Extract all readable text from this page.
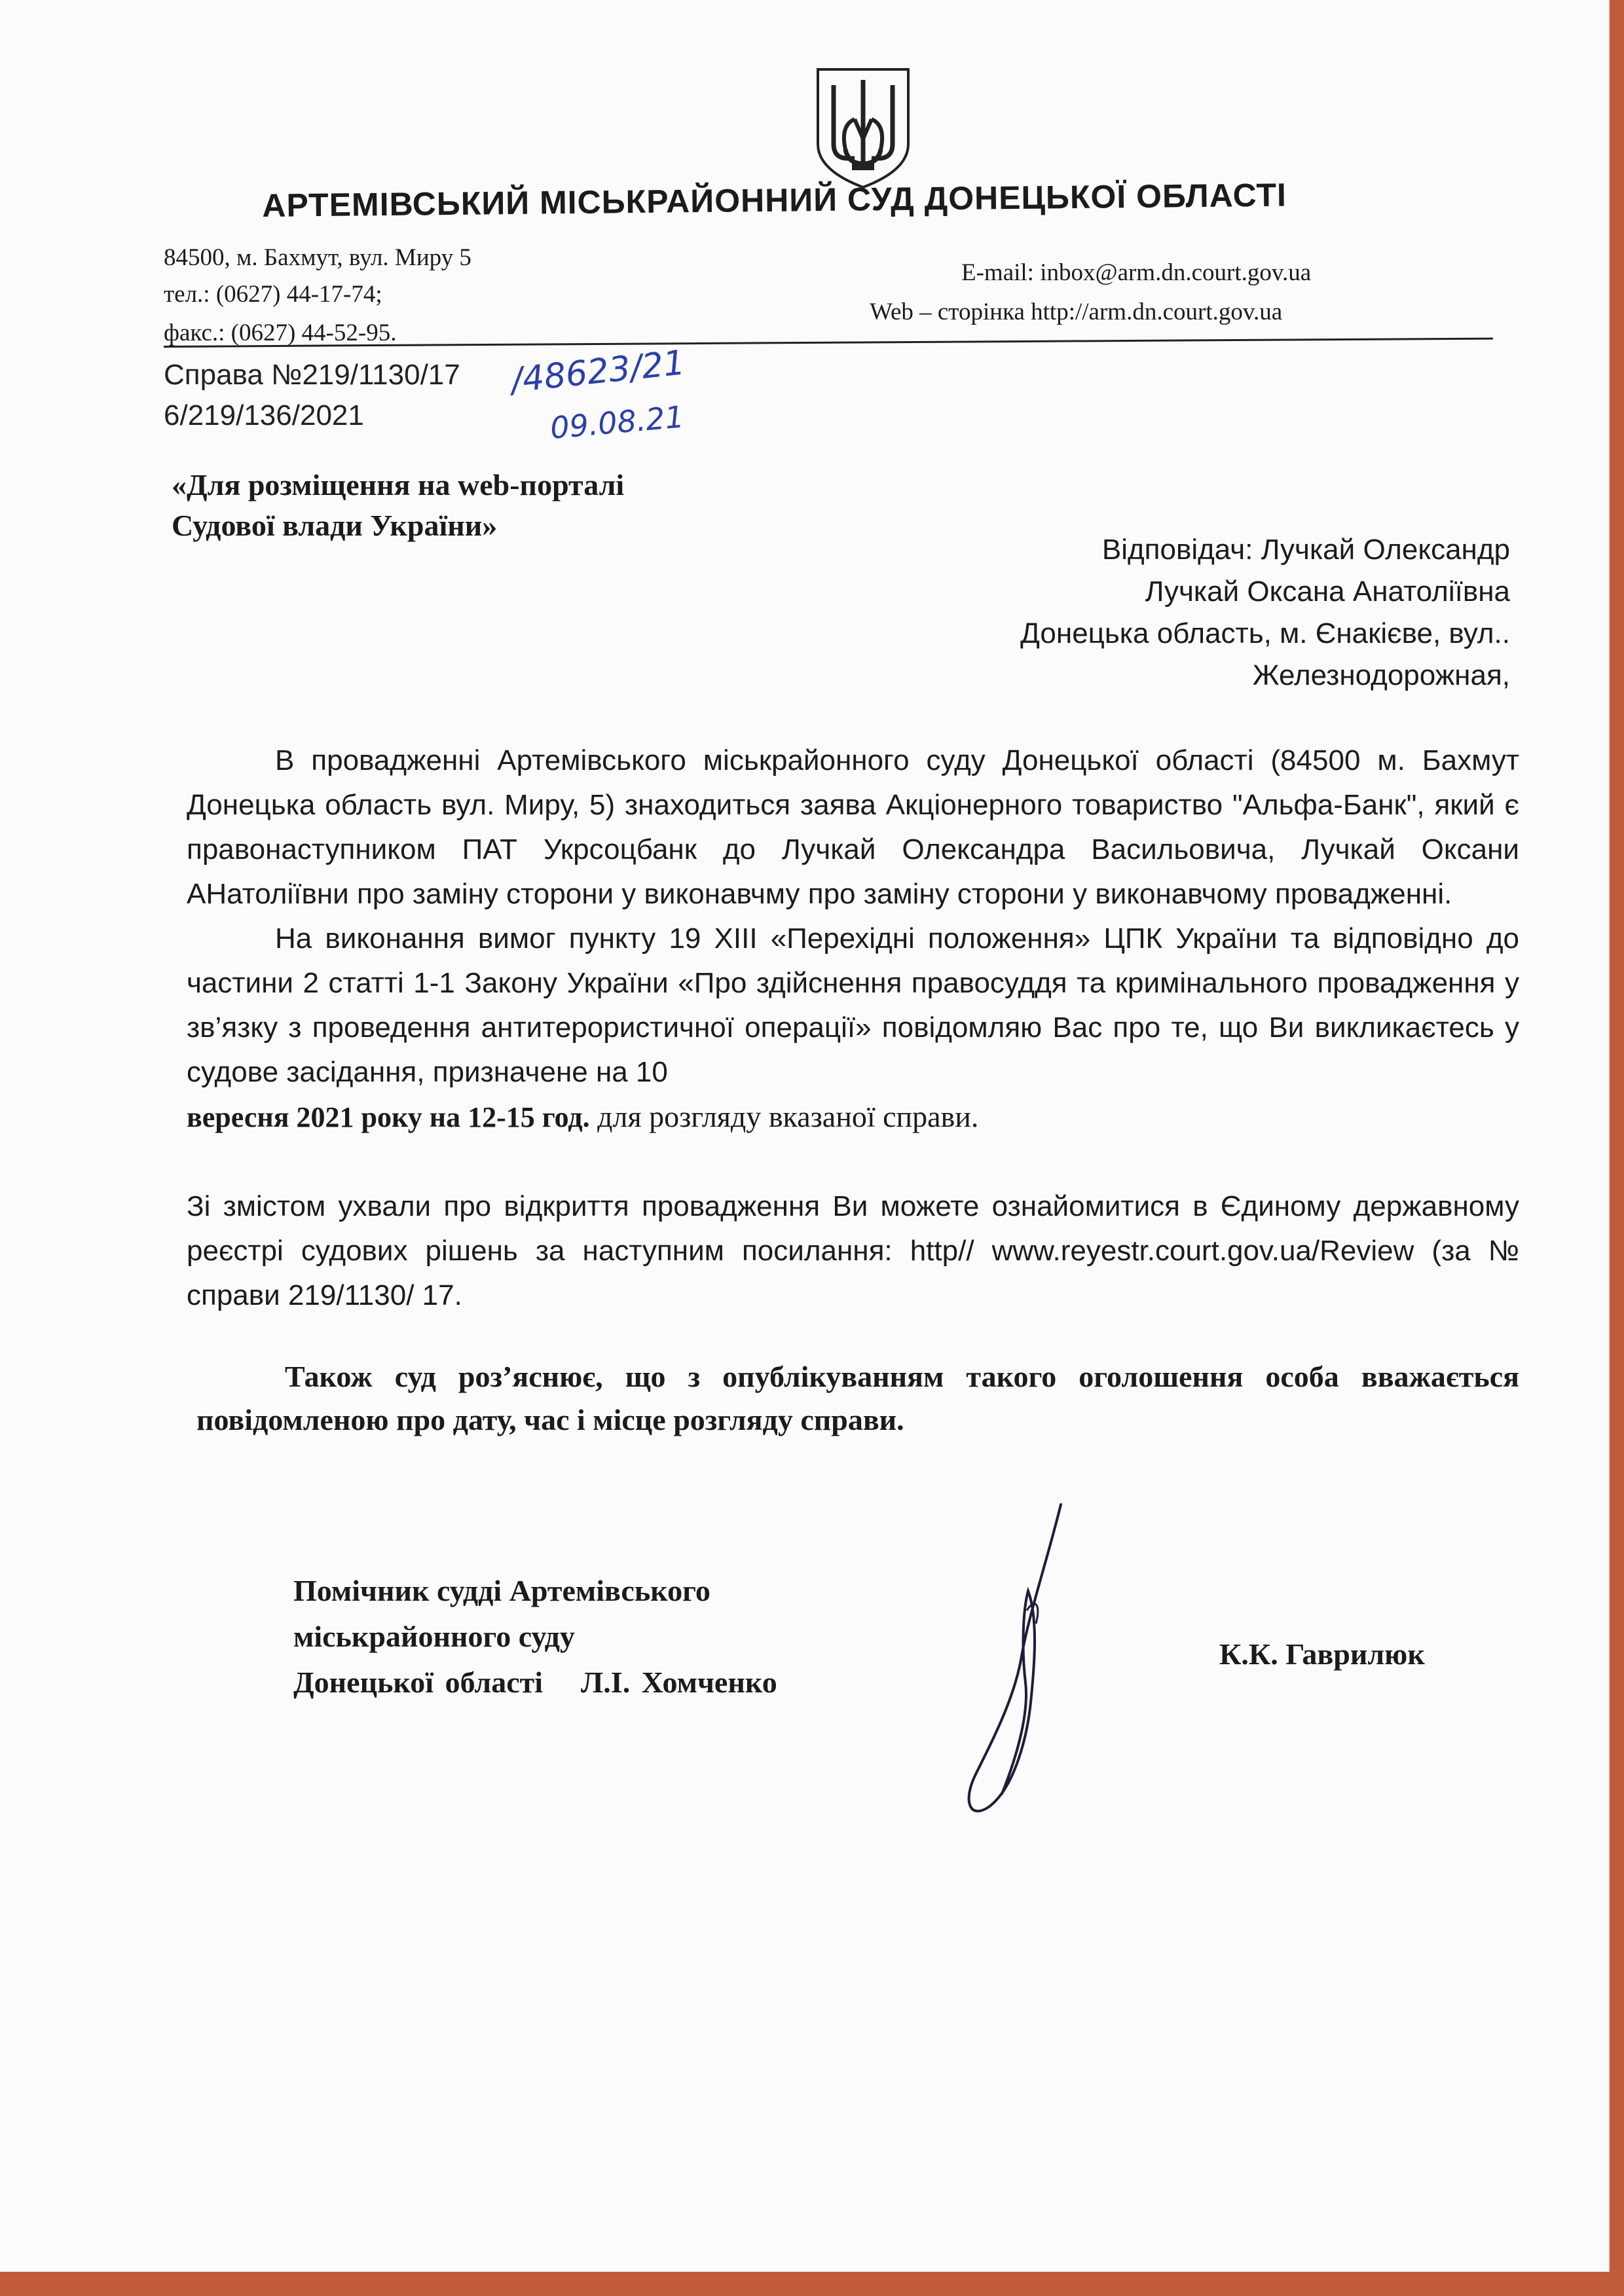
АРТЕМІВСЬКИЙ МІСЬКРАЙОННИЙ СУД ДОНЕЦЬКОЇ ОБЛАСТІ
84500, м. Бахмут, вул. Миру 5
тел.: (0627) 44-17-74;
факс.: (0627) 44-52-95.
E-mail: inbox@arm.dn.court.gov.ua
Web – сторінка http://arm.dn.court.gov.ua
Справа №219/1130/17
6/219/136/2021
/48623/21
09.08.21
«Для розміщення на web-порталі
Судової влади України»
Відповідач: Лучкай Олександр
Лучкай Оксана Анатоліївна
Донецька область, м. Єнакієве, вул..
Железнодорожная,

В провадженні Артемівського міськрайонного суду Донецької області (84500 м. Бахмут Донецька область вул. Миру, 5) знаходиться заява Акціонерного товариство "Альфа-Банк", який є правонаступником ПАТ Укрсоцбанк до Лучкай Олександра Васильовича, Лучкай Оксани АНатоліївни про заміну сторони у виконавчму про заміну сторони у виконавчому провадженні.

На виконання вимог пункту 19 XIII «Перехідні положення» ЦПК України та відповідно до частини 2 статті 1-1 Закону України «Про здійснення правосуддя та кримінального провадження у зв’язку з проведення антитерористичної операції» повідомляю Вас про те, що Ви викликаєтесь у судове засідання, призначене на 10
вересня 2021 року на 12-15 год. для розгляду вказаної справи.

Зі змістом ухвали про відкриття провадження Ви можете ознайомитися в Єдиному державному реєстрі судових рішень за наступним посилання: http// www.reyestr.court.gov.ua/Review (за № справи 219/1130/ 17.

Також суд роз’яснює, що з опублікуванням такого оголошення особа вважається повідомленою про дату, час і місце розгляду справи.
Помічник судді Артемівського
міськрайонного суду
Донецької області Л.І. Хомченко
К.К. Гаврилюк
